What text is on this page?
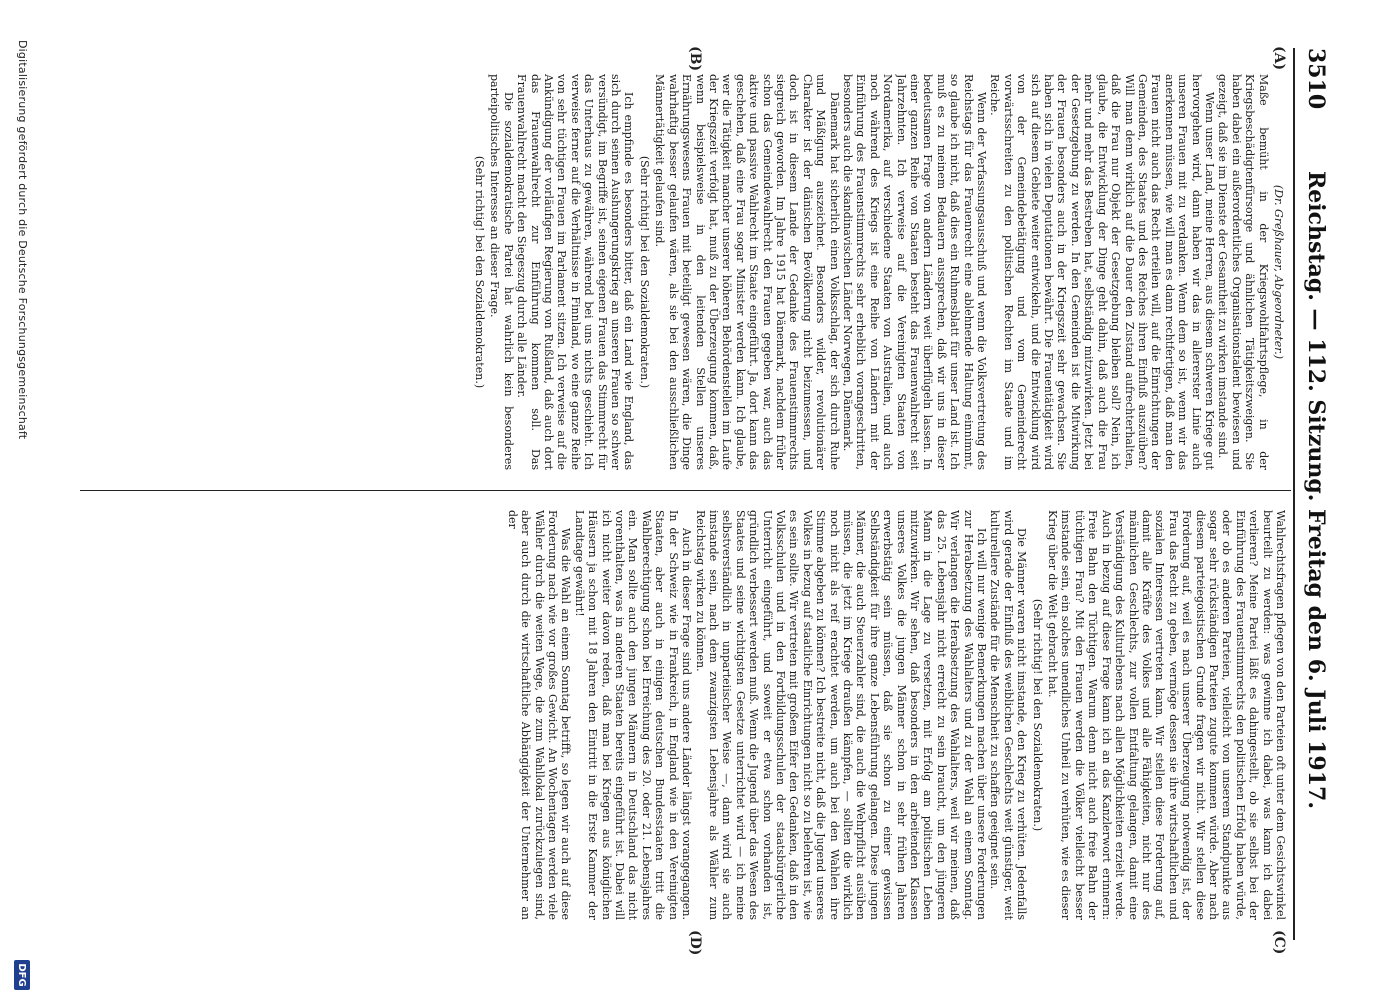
3510
Reichstag. — 112. Sitzung. Freitag den 6. Juli 1917.
(A)
(B)
(C)
(D)

(Dr. Greßhauer, Abgeordneter.)

Maße bemüht in der Kriegswohlfahrtspflege, in der Kriegsbeschädigtenfürsorge und ähnlichen Tätigkeitszweigen. Sie haben dabei ein außerordentliches Organisationstalent bewiesen und gezeigt, daß sie im Dienste der Gesamtheit zu wirken imstande sind.

Wenn unser Land, meine Herren, aus diesem schweren Kriege gut hervorgehen wird, dann haben wir das in allererster Linie auch unseren Frauen mit zu verdanken. Wenn dem so ist, wenn wir das anerkennen müssen, wie will man es dann rechtfertigen, daß man den Frauen nicht auch das Recht erteilen will, auf die Einrichtungen der Gemeinden, des Staates und des Reiches ihren Einfluß auszuüben? Will man denn wirklich auf die Dauer den Zustand aufrechterhalten, daß die Frau nur Objekt der Gesetzgebung bleiben soll? Nein, ich glaube, die Entwicklung der Dinge geht dahin, daß auch die Frau mehr und mehr das Bestreben hat, selbständig mitzuwirken. Jetzt bei der Gesetzgebung zu werden. In den Gemeinden ist die Mitwirkung der Frauen besonders auch in der Kriegszeit sehr gewachsen. Sie haben sich in vielen Deputationen bewährt. Die Frauentätigkeit wird sich auf diesem Gebiete weiter entwickeln, und die Entwicklung wird von der Gemeindebetätigung und vom Gemeinderecht vorwärtsschreiten zu den politischen Rechten im Staate und im Reiche.

Wenn der Verfassungsausschuß und wenn die Volksvertretung des Reichstags für das Frauenrecht eine ablehnende Haltung einnimmt, so glaube ich nicht, daß dies ein Ruhmesblatt für unser Land ist. Ich muß es zu meinem Bedauern aussprechen, daß wir uns in dieser bedeutsamen Frage von andern Ländern weit überflügeln lassen. In einer ganzen Reihe von Staaten besteht das Frauenwahlrecht seit Jahrzehnten. Ich verweise auf die Vereinigten Staaten von Nordamerika, auf verschiedene Staaten von Australien, und auch noch während des Kriegs ist eine Reihe von Ländern mit der Einführung des Frauenstimmrechts sehr erheblich vorangeschritten, besonders auch die skandinavischen Länder Norwegen, Dänemark.

Dänemark hat sicherlich einen Volksschlag, der sich durch Ruhe und Mäßigung auszeichnet. Besonders wilder, revolutionärer Charakter ist der dänischen Bevölkerung nicht beizumessen, und doch ist in diesem Lande der Gedanke des Frauenstimmrechts siegreich geworden. Im Jahre 1915 hat Dänemark, nachdem früher schon das Gemeindewahlrecht den Frauen gegeben war, auch das aktive und passive Wahlrecht im Staate eingeführt. Ja, dort kann das geschehen, daß eine Frau sogar Minister werden kann. Ich glaube, wer die Tätigkeit mancher unserer höheren Behördenstellen im Laufe der Kriegszeit verfolgt hat, muß zu der Überzeugung kommen, daß, wenn beispielsweise in den leitenden Stellen unseres Ernährungswesens Frauen mit beteiligt gewesen wären, die Dinge wahrhaftig besser gelaufen wären, als sie bei den ausschließlichen Männertätigkeit gelaufen sind.

(Sehr richtig! bei den Sozialdemokraten.)

Ich empfinde es besonders bitter, daß ein Land wie England, das sich durch seinen Aushungerungskrieg an unseren Frauen so schwer versündigt, im Begriffe ist, seinen eigenen Frauen das Stimmrecht für das Unterhaus zu gewähren, während bei uns nichts geschieht. Ich verweise ferner auf die Verhältnisse in Finnland, wo eine ganze Reihe von sehr tüchtigen Frauen im Parlament sitzen. Ich verweise auf die Ankündigung der vorläufigen Regierung von Rußland, daß auch dort das Frauenwahlrecht zur Einführung kommen soll. Das Frauenwahlrecht macht den Siegeszug durch alle Länder.

Die sozialdemokratische Partei hat wahrlich kein besonderes parteipolitisches Interesse an dieser Frage.

(Sehr richtig! bei den Sozialdemokraten.)

Wahlrechtsfragen pflegen von den Parteien oft unter dem Gesichtswinkel beurteilt zu werden: was gewinne ich dabei, was kann ich dabei verlieren? Meine Partei läßt es dahingestellt, ob sie selbst bei der Einführung des Frauenstimmrechts den politischen Erfolg haben würde, oder ob es anderen Parteien, vielleicht von unserem Standpunkte aus sogar sehr rückständigen Parteien zugute kommen würde. Aber nach diesem parteiegoistischen Grunde fragen wir nicht. Wir stellen diese Forderung auf, weil es nach unserer Überzeugung notwendig ist, der Frau das Recht zu geben, vermöge dessen sie ihre wirtschaftlichen und sozialen Interessen vertreten kann. Wir stellen diese Forderung auf, damit alle Kräfte des Volkes und alle Fähigkeiten, nicht nur des männlichen Geschlechts, zur vollen Entfaltung gelangen, damit eine Verständigung des Kulturlebens nach allen Möglichkeiten erzielt werde. Auch in bezug auf diese Frage kann ich an das Kanzlerwort erinnern: Freie Bahn den Tüchtigen. Warum denn nicht auch freie Bahn der tüchtigen Frau? Mit den Frauen werden die Völker vielleicht besser imstande sein, ein solches unendliches Unheil zu verhüten, wie es dieser Krieg über die Welt gebracht hat.

(Sehr richtig! bei den Sozialdemokraten.)

Die Männer waren nicht imstande, den Krieg zu verhüten. Jedenfalls wird gerade der Einfluß des weiblichen Geschlechts weit günstiger, weit kulturellere Zustände für die Menschheit zu schaffen geeignet sein.

Ich will nur wenige Bemerkungen machen über unsere Forderungen zur Herabsetzung des Wahlalters und zu der Wahl an einem Sonntag. Wir verlangen die Herabsetzung des Wahlalters, weil wir meinen, daß das 25. Lebensjahr nicht erreicht zu sein braucht, um den jüngeren Mann in die Lage zu versetzen, mit Erfolg am politischen Leben mitzuwirken. Wir sehen, daß besonders in den arbeitenden Klassen unseres Volkes die jungen Männer schon in sehr frühen Jahren erwerbstätig sein müssen, daß sie schon zu einer gewissen Selbständigkeit für ihre ganze Lebensführung gelangen. Diese jungen Männer, die auch Steuerzahler sind, die auch die Wehrpflicht ausüben müssen, die jetzt im Kriege draußen kämpfen, — sollten die wirklich noch nicht als reif erachtet werden, um auch bei den Wahlen ihre Stimme abgeben zu können? Ich bestreite nicht, daß die Jugend unseres Volkes in bezug auf staatliche Einrichtungen nicht so zu belehren ist, wie es sein sollte. Wir vertreten mit großem Eifer den Gedanken, daß in den Volksschulen und in den Fortbildungsschulen der staatsbürgerliche Unterricht eingeführt, und soweit er etwa schon vorhanden ist, gründlich verbessert werden muß. Wenn die Jugend über das Wesen des Staates und seine wichtigsten Gesetze unterrichtet wird — ich meine selbstverständlich in unparteiischer Weise —, dann wird sie auch imstande sein, nach dem zwanzigsten Lebensjahre als Wähler zum Reichstag wirken zu können.

Auch in dieser Frage sind uns andere Länder längst vorangegangen. In der Schweiz wie in Frankreich, in England wie in den Vereinigten Staaten, aber auch in einigen deutschen Bundesstaaten tritt die Wahlberechtigung schon bei Erreichung des 20. oder 21. Lebensjahres ein. Man sollte auch den jungen Männern in Deutschland das nicht vorenthalten, was in anderen Staaten bereits eingeführt ist. Dabei will ich nicht weiter davon reden, daß man bei Kriegen aus königlichen Häusern ja schon mit 18 Jahren den Eintritt in die Erste Kammer der Landtage gewährt!

Was die Wahl an einem Sonntag betrifft, so legen wir auch auf diese Forderung nach wie vor großes Gewicht. An Wochentagen werden viele Wähler durch die weiten Wege, die zum Wahllokal zurückzulegen sind, aber auch durch die wirtschaftliche Abhängigkeit der Unternehmer an der

Digitalisierung gefördert durch die Deutsche Forschungsgemeinschaft
DFG
